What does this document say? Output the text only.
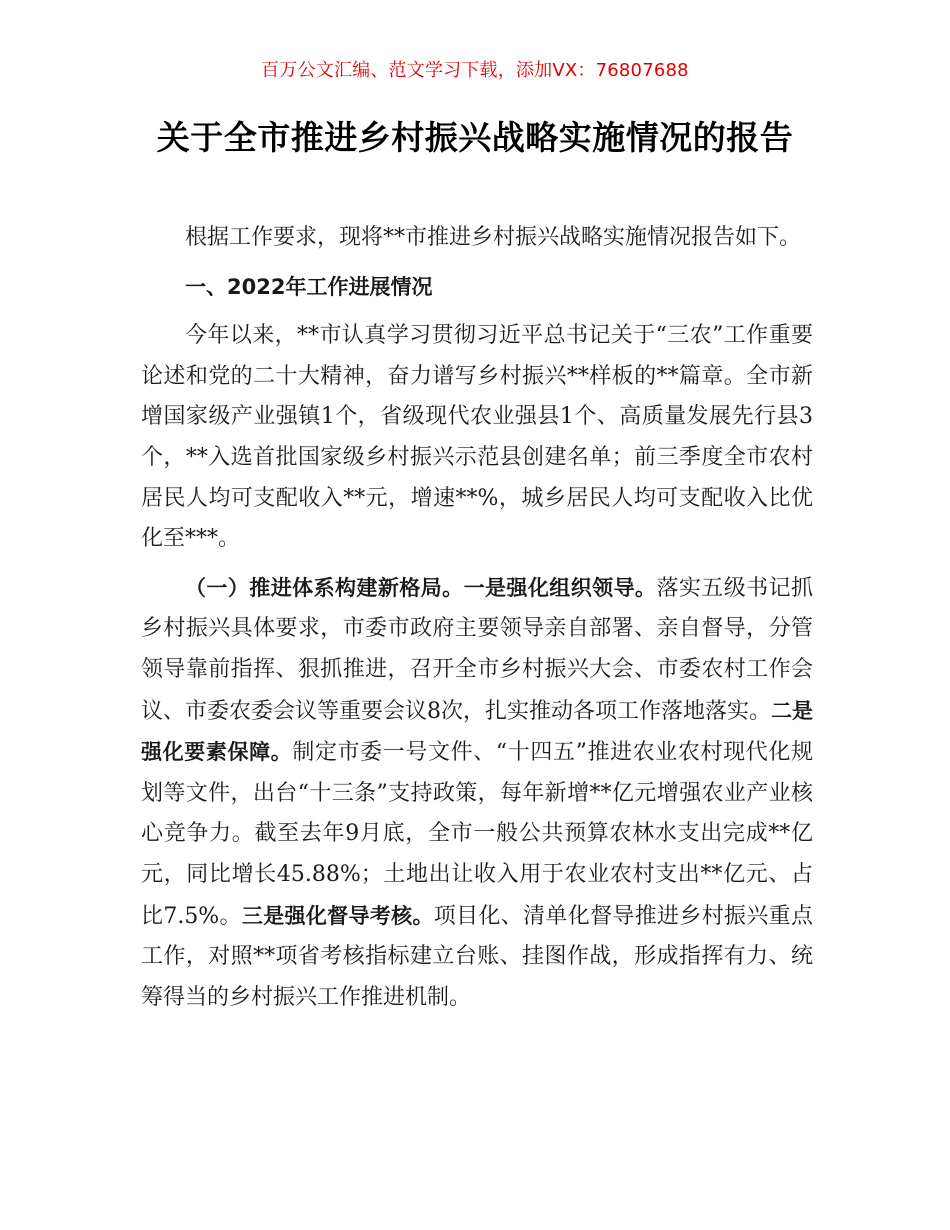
百万公文汇编、范文学习下载，添加VX：76807688
关于全市推进乡村振兴战略实施情况的报告

根据工作要求，现将**市推进乡村振兴战略实施情况报告如下。

一、2022年工作进展情况

今年以来，**市认真学习贯彻习近平总书记关于“三农”工作重要论述和党的二十大精神，奋力谱写乡村振兴**样板的**篇章。全市新增国家级产业强镇1个，省级现代农业强县1个、高质量发展先行县3个，**入选首批国家级乡村振兴示范县创建名单；前三季度全市农村居民人均可支配收入**元，增速**%，城乡居民人均可支配收入比优化至***。

（一）推进体系构建新格局。一是强化组织领导。落实五级书记抓乡村振兴具体要求，市委市政府主要领导亲自部署、亲自督导，分管领导靠前指挥、狠抓推进，召开全市乡村振兴大会、市委农村工作会议、市委农委会议等重要会议8次，扎实推动各项工作落地落实。二是强化要素保障。制定市委一号文件、“十四五”推进农业农村现代化规划等文件，出台“十三条”支持政策，每年新增**亿元增强农业产业核心竞争力。截至去年9月底，全市一般公共预算农林水支出完成**亿元，同比增长45.88%；土地出让收入用于农业农村支出**亿元、占比7.5%。三是强化督导考核。项目化、清单化督导推进乡村振兴重点工作，对照**项省考核指标建立台账、挂图作战，形成指挥有力、统筹得当的乡村振兴工作推进机制。
